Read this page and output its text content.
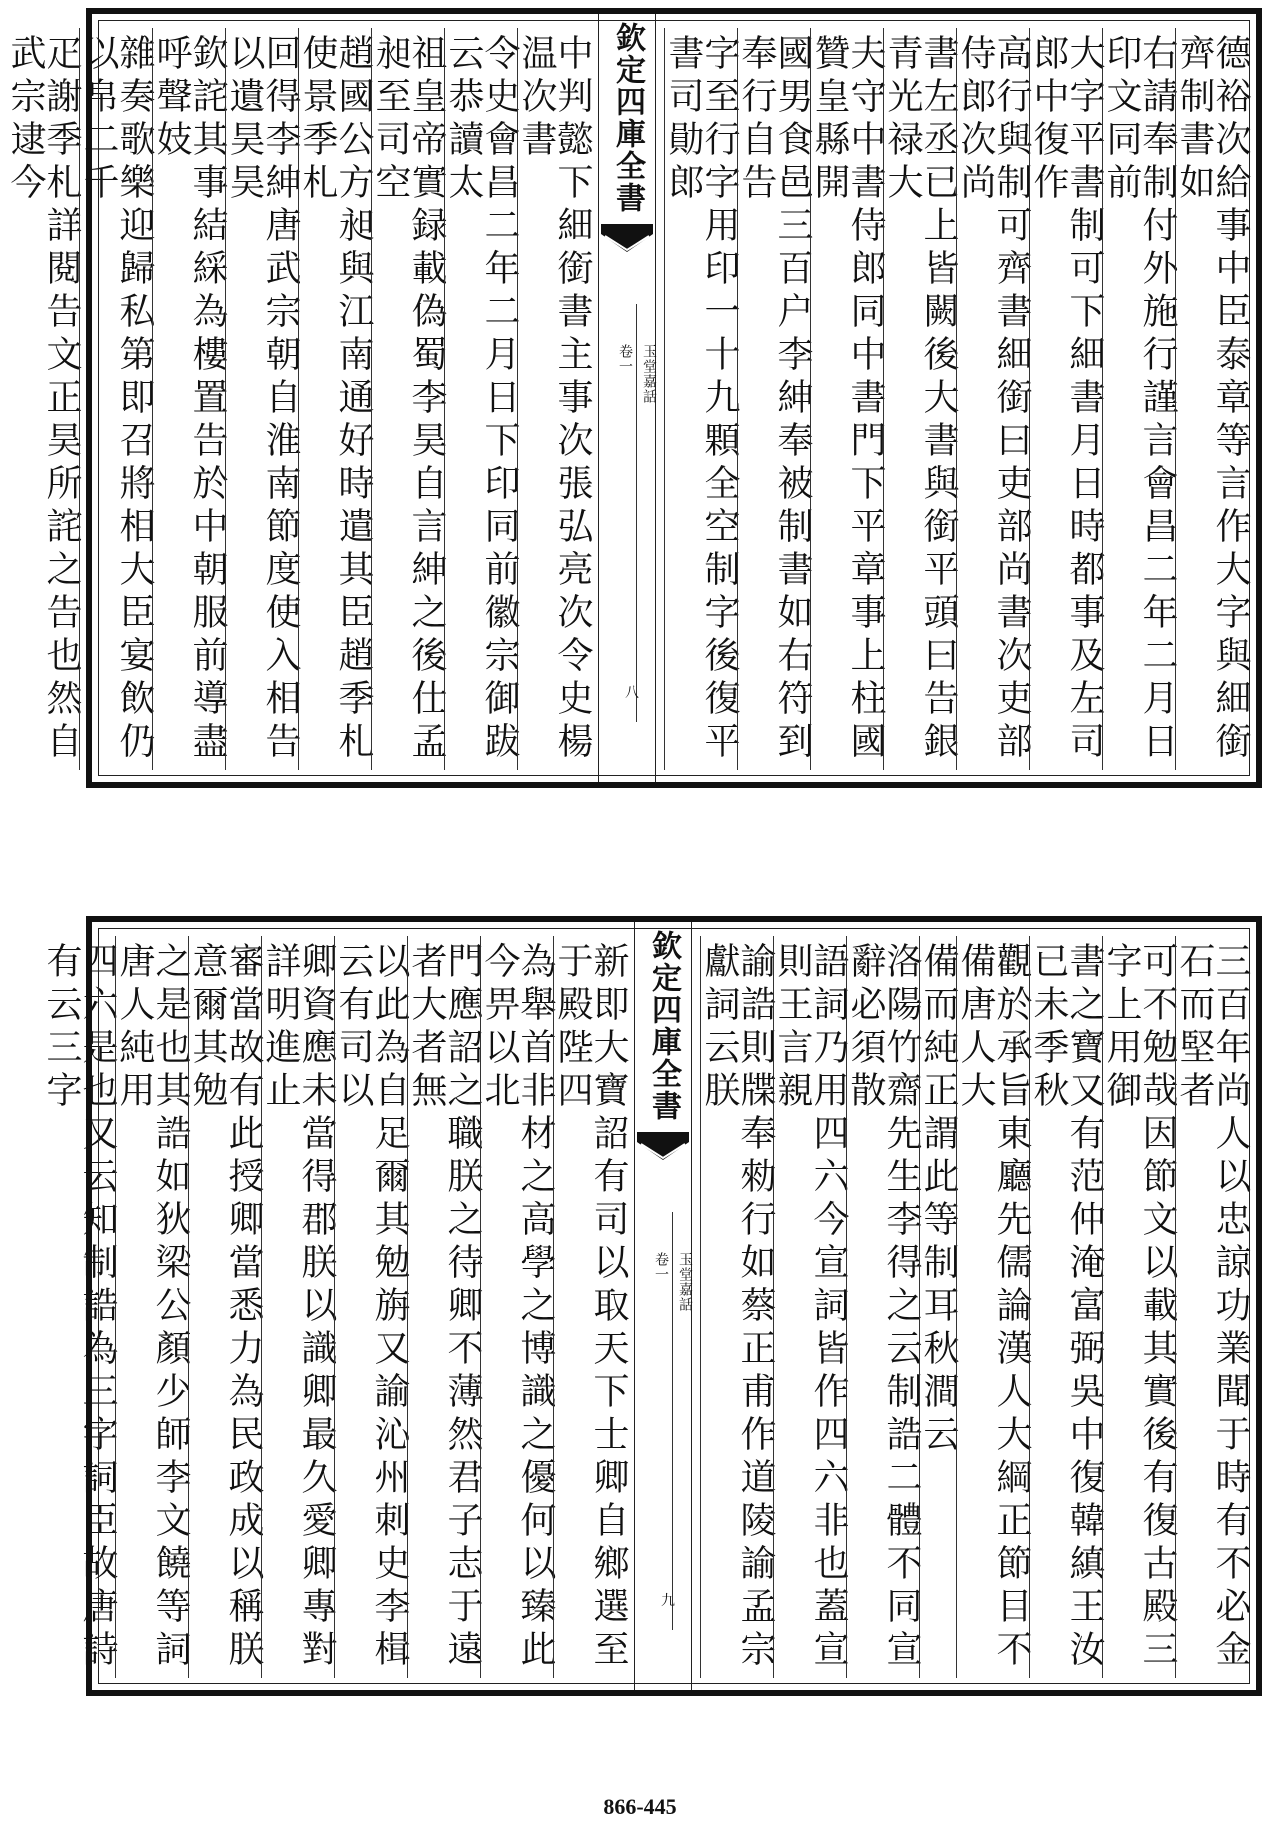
德裕次給事中臣泰章等言作大字與細銜齊制書如
右請奉制付外施行謹言會昌二年二月日印文同前
大字平書制可下細書月日時都事及左司郎中復作
高行與制可齊書細銜曰吏部尚書次吏部侍郎次尚
書左丞已上皆闕後大書與銜平頭曰告銀青光禄大
夫守中書侍郎同中書門下平章事上柱國贊皇縣開
國男食邑三百户李紳奉被制書如右符到奉行自告
字至行字用印一十九顆全空制字後復平書司勛郎
欽定四庫全書
玉堂嘉話
卷一
八
中判懿下細銜書主事次張弘亮次令史楊温次書
令史會昌二年二月日下印同前徽宗御跋云恭讀太
祖皇帝實録載偽蜀李昊自言紳之後仕孟昶至司空
趙國公方昶與江南通好時遣其臣趙季札使景季札
回得李紳唐武宗朝自淮南節度使入相告以遺昊昊
欽詫其事結綵為樓置告於中朝服前導盡呼聲妓
雜奏歌樂迎歸私第即召將相大臣宴飲仍以帛二千
疋謝季札詳閱告文正昊所詫之告也然自武宗逮今
三百年尚人以忠諒功業聞于時有不必金石而堅者
可不勉哉因節文以載其實後有復古殿三字上用御
書之寶又有范仲淹富弼吳中復韓縝王汝已未季秋
觀於承旨東廳先儒論漢人大綱正節目不備唐人大
備而純正謂此等制耳秋澗云
洛陽竹齋先生李得之云制誥二體不同宣辭必須散
語詞乃用四六今宣詞皆作四六非也蓋宣則王言親
諭誥則牒奉勑行如蔡正甫作道陵諭孟宗獻詞云朕
欽定四庫全書
玉堂嘉話
卷一
九
新即大寶詔有司以取天下士卿自鄉選至于殿陛四
為舉首非材之高學之博識之優何以臻此今畀以北
門應詔之職朕之待卿不薄然君子志于遠者大者無
以此為自足爾其勉旃又諭沁州刺史李楫云有司以
卿資應未當得郡朕以識卿最久愛卿專對詳明進止
審當故有此授卿當悉力為民政成以稱朕意爾其勉
之是也其誥如狄梁公顏少師李文饒等詞唐人純用
四六是也又云知制誥為三字詞臣故唐詩有云三字
866-445
